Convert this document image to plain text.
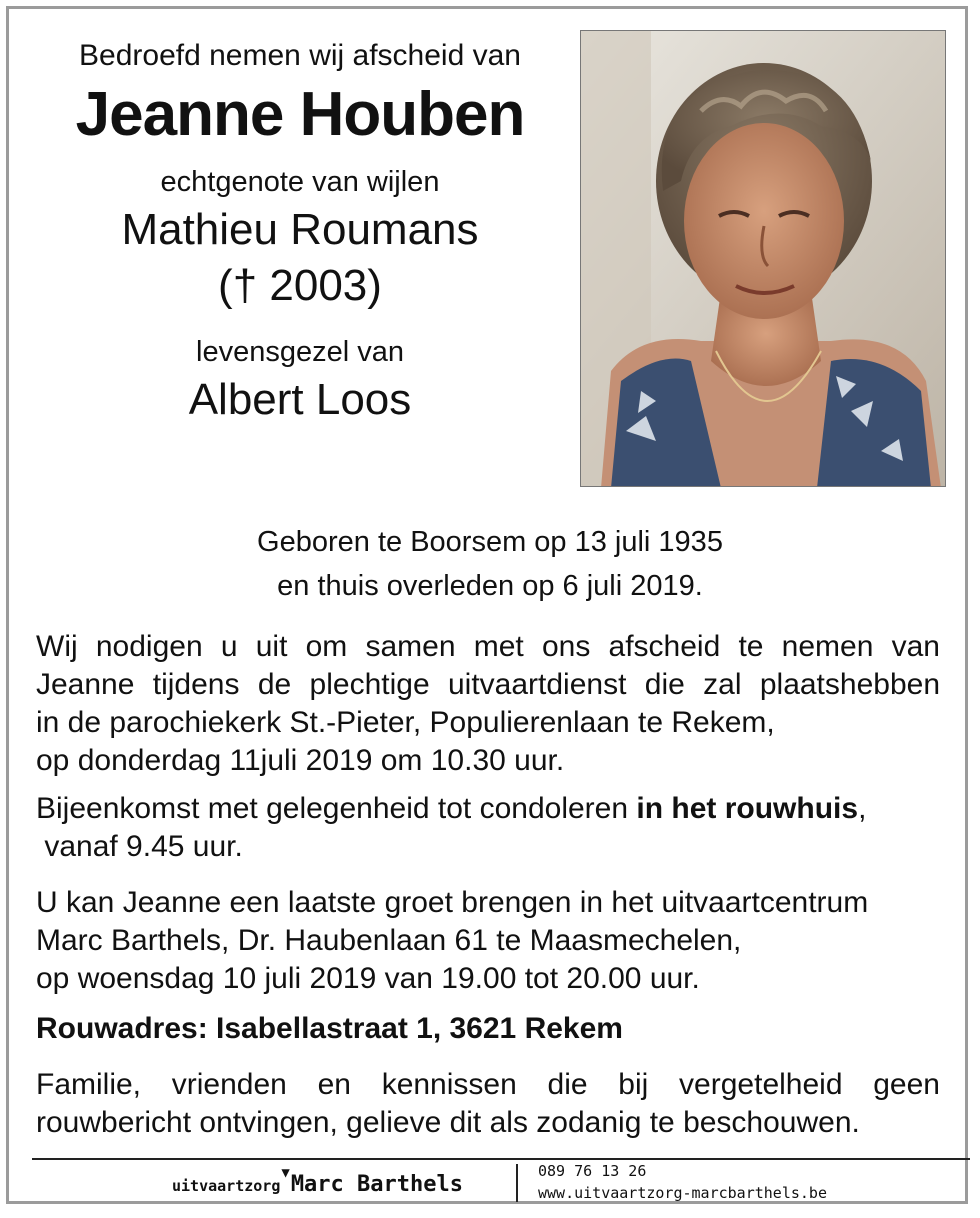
Bedroefd nemen wij afscheid van

Jeanne Houben

echtgenote van wijlen

Mathieu Roumans

(† 2003)

levensgezel van

Albert Loos

Geboren te Boorsem op 13 juli 1935
en thuis overleden op 6 juli 2019.
Wij nodigen u uit om samen met ons afscheid te nemen van
Jeanne tijdens de plechtige uitvaartdienst die zal plaatshebben
in de parochiekerk St.-Pieter, Populierenlaan te Rekem,
op donderdag 11juli 2019 om 10.30 uur.
Bijeenkomst met gelegenheid tot condoleren in het rouwhuis,
vanaf 9.45 uur.
U kan Jeanne een laatste groet brengen in het uitvaartcentrum
Marc Barthels, Dr. Haubenlaan 61 te Maasmechelen,
op woensdag 10 juli 2019 van 19.00 tot 20.00 uur.
Rouwadres: Isabellastraat 1, 3621 Rekem
Familie, vrienden en kennissen die bij vergetelheid geen
rouwbericht ontvingen, gelieve dit als zodanig te beschouwen.
uitvaartzorg▼Marc Barthels
089 76 13 26
www.uitvaartzorg-marcbarthels.be
